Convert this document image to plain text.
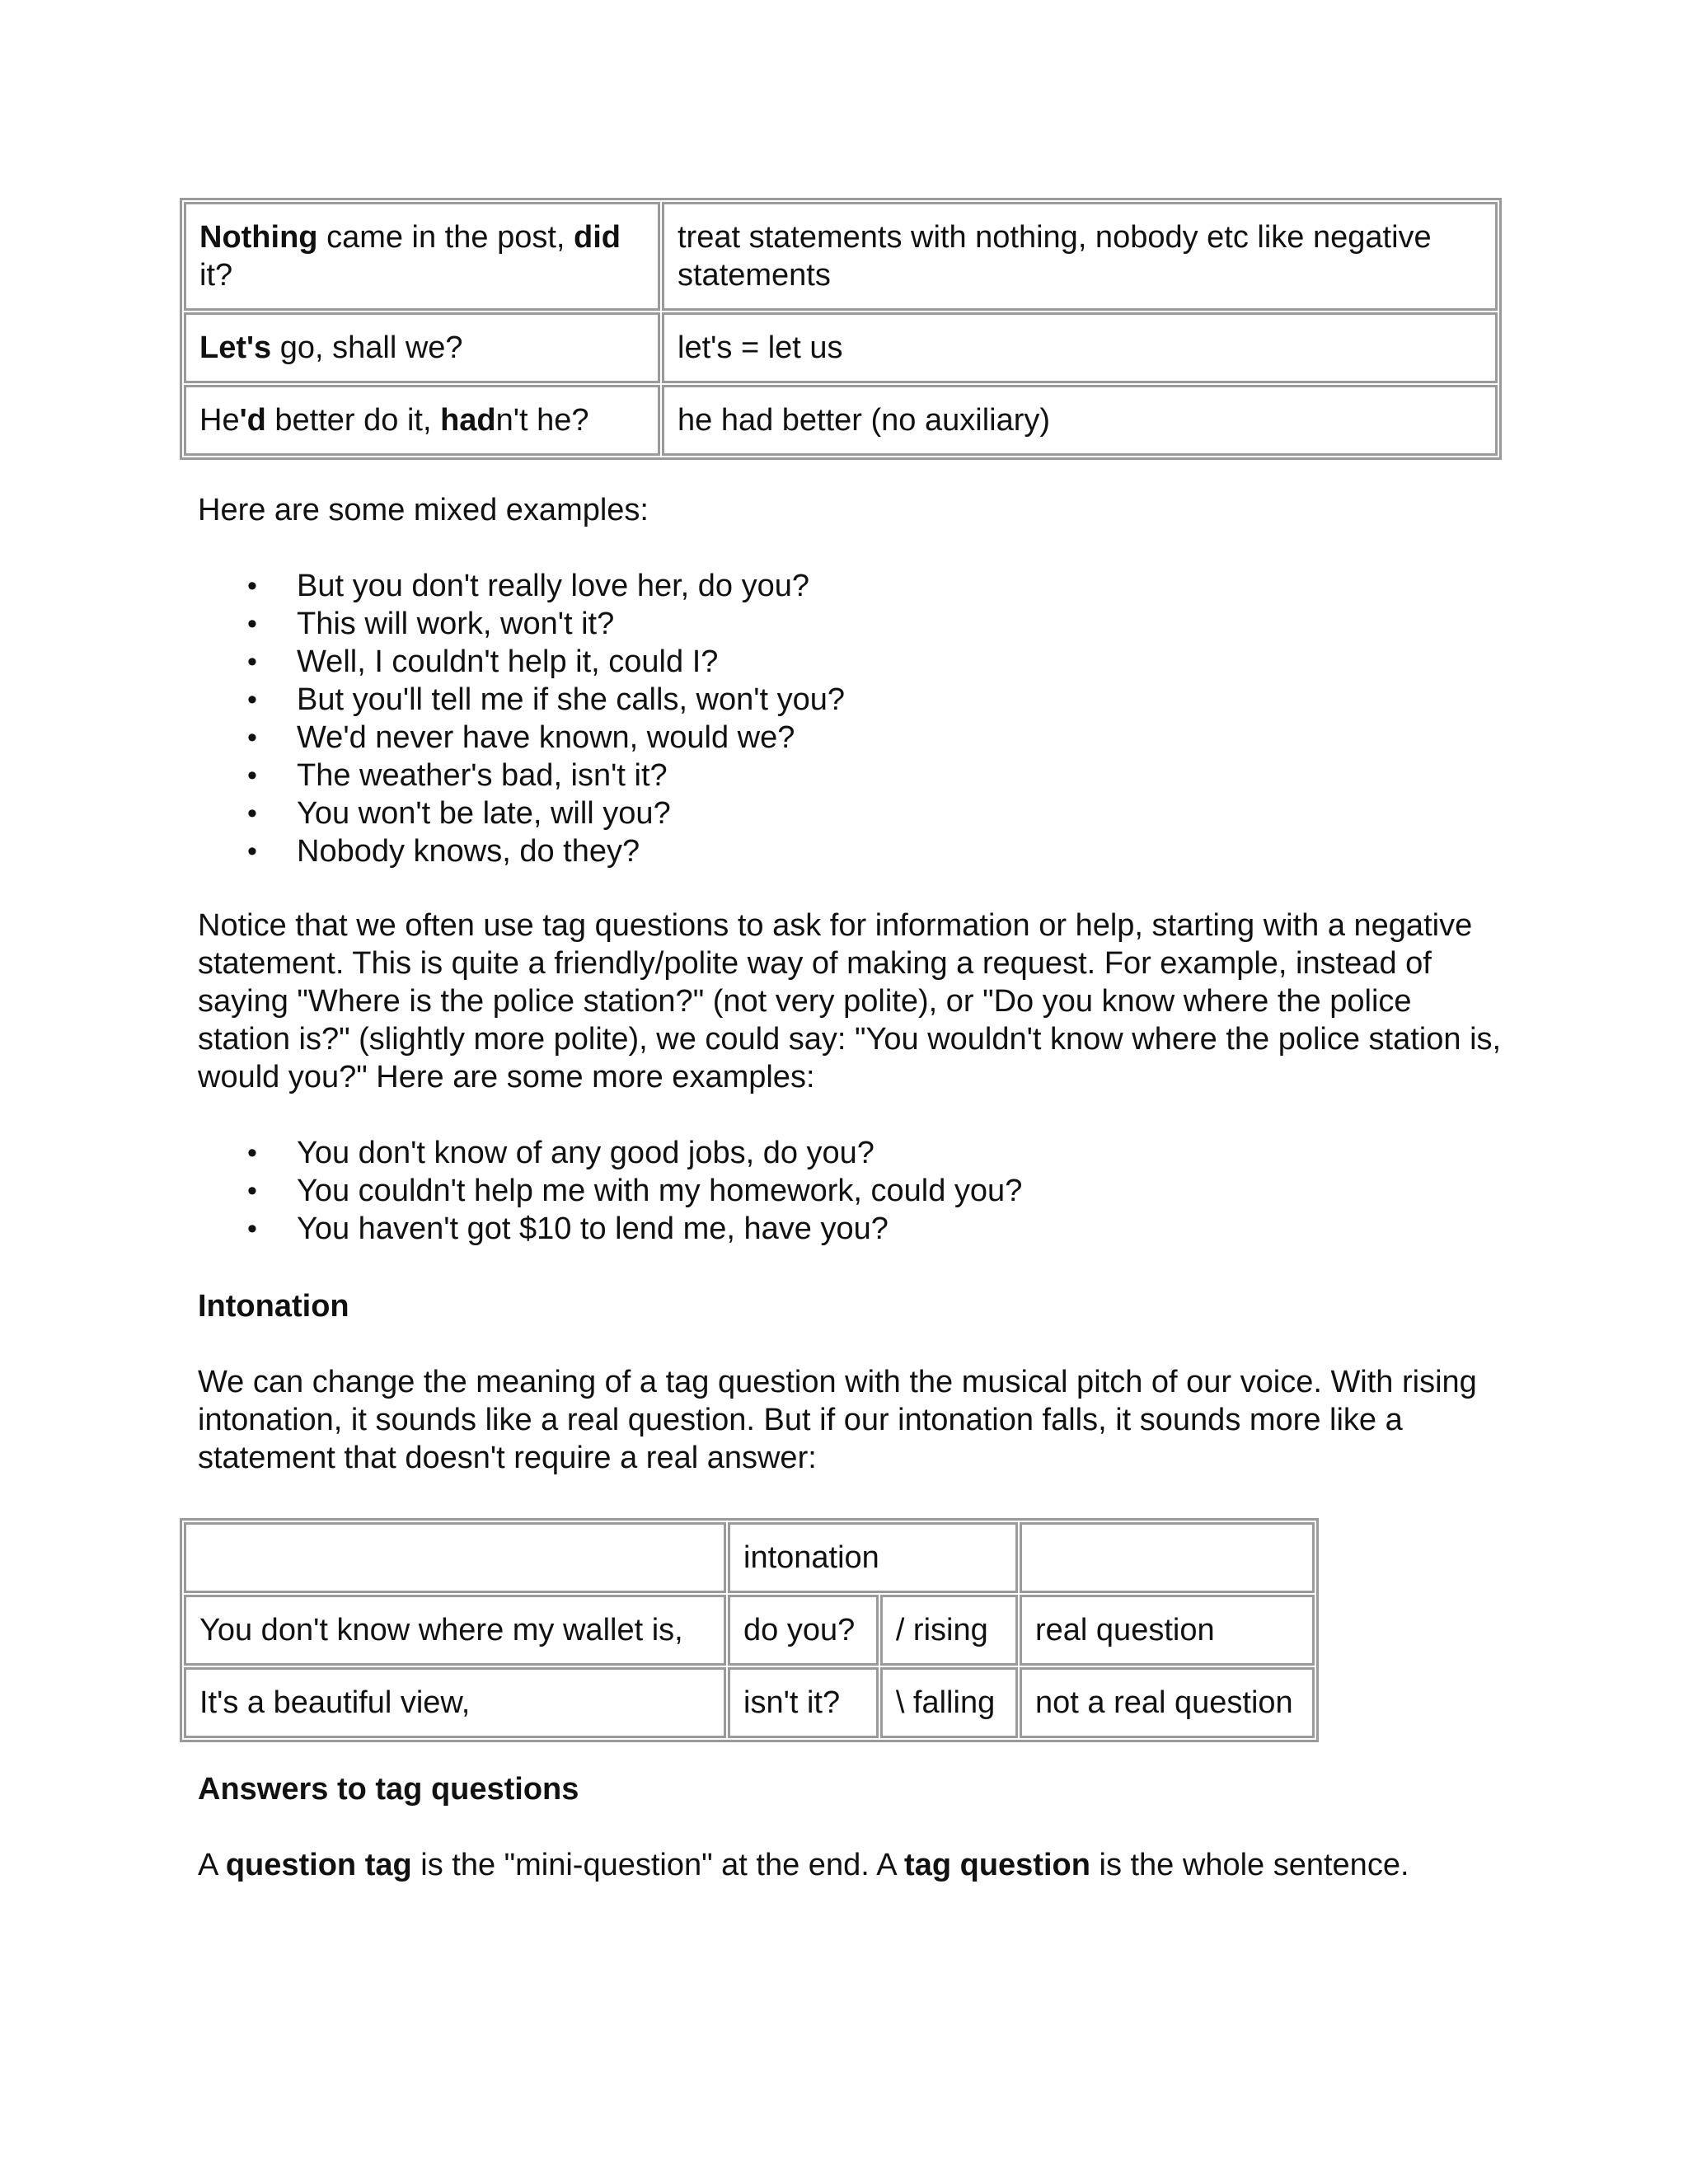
Nothing came in the post, did it?	treat statements with nothing, nobody etc like negative statements
Let's go, shall we?	let's = let us
He'd better do it, hadn't he?	he had better (no auxiliary)

Here are some mixed examples:

• But you don't really love her, do you?
• This will work, won't it?
• Well, I couldn't help it, could I?
• But you'll tell me if she calls, won't you?
• We'd never have known, would we?
• The weather's bad, isn't it?
• You won't be late, will you?
• Nobody knows, do they?

Notice that we often use tag questions to ask for information or help, starting with a negative statement. This is quite a friendly/polite way of making a request. For example, instead of saying "Where is the police station?" (not very polite), or "Do you know where the police station is?" (slightly more polite), we could say: "You wouldn't know where the police station is, would you?" Here are some more examples:

• You don't know of any good jobs, do you?
• You couldn't help me with my homework, could you?
• You haven't got $10 to lend me, have you?
Intonation

We can change the meaning of a tag question with the musical pitch of our voice. With rising intonation, it sounds like a real question. But if our intonation falls, it sounds more like a statement that doesn't require a real answer:

	intonation		
You don't know where my wallet is,	do you?	/ rising	real question
It's a beautiful view,	isn't it?	\ falling	not a real question
Answers to tag questions

A question tag is the "mini-question" at the end. A tag question is the whole sentence.
